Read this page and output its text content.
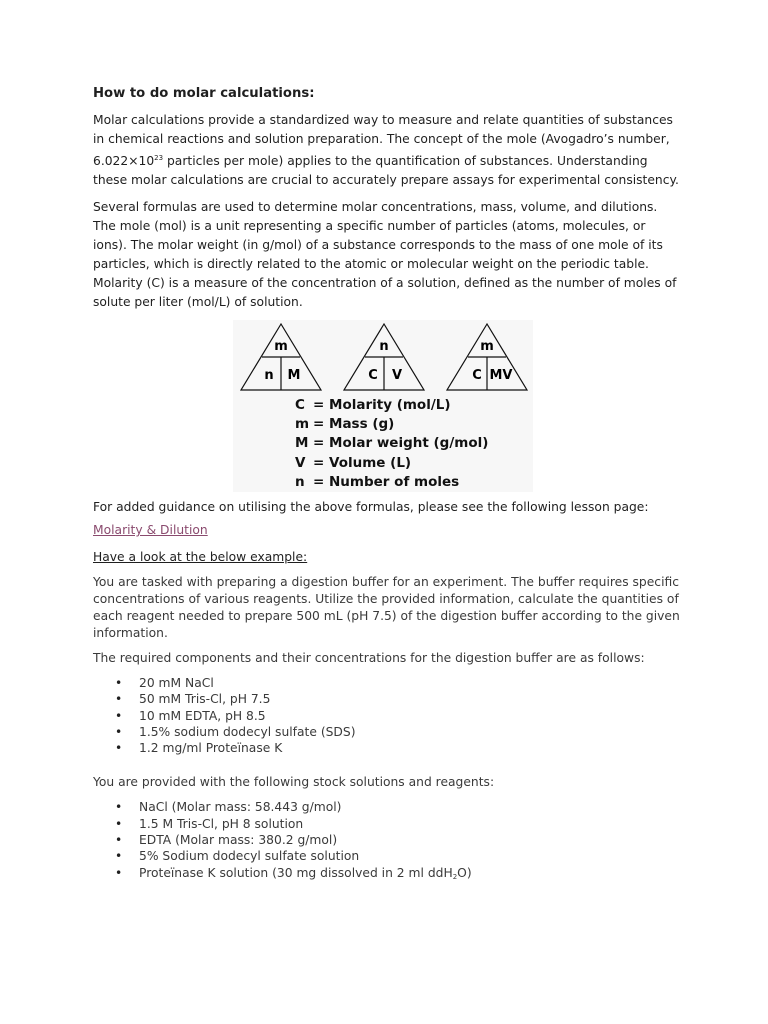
How to do molar calculations:

Molar calculations provide a standardized way to measure and relate quantities of substances in chemical reactions and solution preparation. The concept of the mole (Avogadro’s number, $6.022\times 10^{23}$ particles per mole) applies to the quantification of substances. Understanding these molar calculations are crucial to accurately prepare assays for experimental consistency.

Several formulas are used to determine molar concentrations, mass, volume, and dilutions. The mole (mol) is a unit representing a specific number of particles (atoms, molecules, or ions). The molar weight (in g/mol) of a substance corresponds to the mass of one mole of its particles, which is directly related to the atomic or molecular weight on the periodic table. Molarity (C) is a measure of the concentration of a solution, defined as the number of moles of solute per liter (mol/L) of solution.

m
n M
n
C V
m
C MV
C = Molarity (mol/L)
m = Mass (g)
M = Molar weight (g/mol)
V = Volume (L)
n = Number of moles

For added guidance on utilising the above formulas, please see the following lesson page:

Molarity & Dilution
Have a look at the below example:

You are tasked with preparing a digestion buffer for an experiment. The buffer requires specific concentrations of various reagents. Utilize the provided information, calculate the quantities of each reagent needed to prepare 500 mL (pH 7.5) of the digestion buffer according to the given information.

The required components and their concentrations for the digestion buffer are as follows:

• 20 mM NaCl
• 50 mM Tris-Cl, pH 7.5
• 10 mM EDTA, pH 8.5
• 1.5% sodium dodecyl sulfate (SDS)
• 1.2 mg/ml Proteïnase K

You are provided with the following stock solutions and reagents:

• NaCl (Molar mass: 58.443 g/mol)
• 1.5 M Tris-Cl, pH 8 solution
• EDTA (Molar mass: 380.2 g/mol)
• 5% Sodium dodecyl sulfate solution
• Proteïnase K solution (30 mg dissolved in 2 ml ddH$_2$O)
